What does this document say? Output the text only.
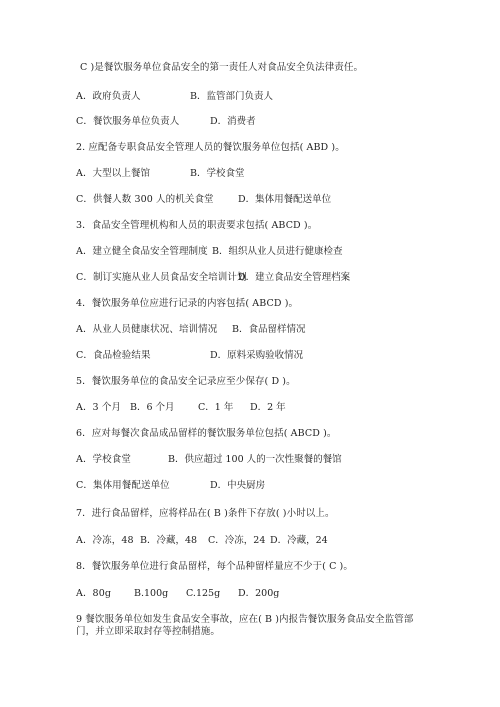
C )是餐饮服务单位食品安全的第一责任人对食品安全负法律责任。
A．政府负责人	B．监管部门负责人
C．餐饮服务单位负责人	D．消费者
2. 应配备专职食品安全管理人员的餐饮服务单位包括( ABD )。
A．大型以上餐馆	B．学校食堂
C．供餐人数 300 人的机关食堂	D．集体用餐配送单位
3．食品安全管理机构和人员的职责要求包括( ABCD )。
A．建立健全食品安全管理制度 B．组织从业人员进行健康检查
C．制订实施从业人员食品安全培训计划
D．建立食品安全管理档案
4．餐饮服务单位应进行记录的内容包括( ABCD )。
A．从业人员健康状况、培训情况 B．食品留样情况
C．食品检验结果	D．原料采购验收情况
5．餐饮服务单位的食品安全记录应至少保存( D )。
A．3 个月 B．6 个月 C．1 年 D．2 年
6．应对每餐次食品成品留样的餐饮服务单位包括( ABCD )。
A．学校食堂	B．供应超过 100 人的一次性聚餐的餐馆
C．集体用餐配送单位	D．中央厨房
7．进行食品留样，应将样品在( B )条件下存放( )小时以上。
A．冷冻，48 B．冷藏，48 C．冷冻，24 D．冷藏，24
8．餐饮服务单位进行食品留样，每个品种留样量应不少于( C )。
A．80g B.100g C.125g D．200g
9 餐饮服务单位如发生食品安全事故，应在( B )内报告餐饮服务食品安全监管部门，并立即采取封存等控制措施。
